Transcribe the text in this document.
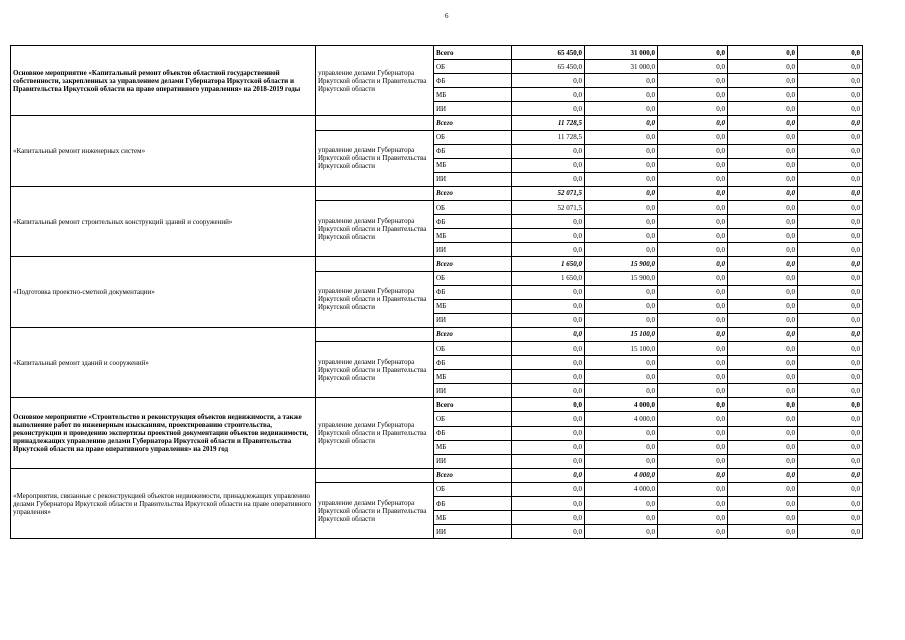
6
Основное мероприятие «Капитальный ремонт объектов областной государственной собственности, закрепленных за управлением делами Губернатора Иркутской области и Правительства Иркутской области на праве оперативного управления» на 2018-2019 годы	управление делами Губернатора Иркутской области и Правительства Иркутской области	Всего	65 450,0	31 000,0	0,0	0,0	0,0
		ОБ	65 450,0	31 000,0	0,0	0,0	0,0
		ФБ	0,0	0,0	0,0	0,0	0,0
		МБ	0,0	0,0	0,0	0,0	0,0
		ИИ	0,0	0,0	0,0	0,0	0,0
«Капитальный ремонт инженерных систем»		Всего	11 728,5	0,0	0,0	0,0	0,0
	управление делами Губернатора Иркутской области и Правительства Иркутской области	ОБ	11 728,5	0,0	0,0	0,0	0,0
		ФБ	0,0	0,0	0,0	0,0	0,0
		МБ	0,0	0,0	0,0	0,0	0,0
		ИИ	0,0	0,0	0,0	0,0	0,0
«Капитальный ремонт строительных конструкций зданий и сооружений»		Всего	52 071,5	0,0	0,0	0,0	0,0
	управление делами Губернатора Иркутской области и Правительства Иркутской области	ОБ	52 071,5	0,0	0,0	0,0	0,0
		ФБ	0,0	0,0	0,0	0,0	0,0
		МБ	0,0	0,0	0,0	0,0	0,0
		ИИ	0,0	0,0	0,0	0,0	0,0
«Подготовка проектно-сметной документации»		Всего	1 650,0	15 900,0	0,0	0,0	0,0
	управление делами Губернатора Иркутской области и Правительства Иркутской области	ОБ	1 650,0	15 900,0	0,0	0,0	0,0
		ФБ	0,0	0,0	0,0	0,0	0,0
		МБ	0,0	0,0	0,0	0,0	0,0
		ИИ	0,0	0,0	0,0	0,0	0,0
«Капитальный ремонт зданий и сооружений»		Всего	0,0	15 100,0	0,0	0,0	0,0
	управление делами Губернатора Иркутской области и Правительства Иркутской области	ОБ	0,0	15 100,0	0,0	0,0	0,0
		ФБ	0,0	0,0	0,0	0,0	0,0
		МБ	0,0	0,0	0,0	0,0	0,0
		ИИ	0,0	0,0	0,0	0,0	0,0
Основное мероприятие «Строительство и реконструкция объектов недвижимости, а также выполнение работ по инженерным изысканиям, проектированию строительства, реконструкции и проведению экспертизы проектной документации объектов недвижимости, принадлежащих управлению делами Губернатора Иркутской области и Правительства Иркутской области на праве оперативного управления» на 2019 год	управление делами Губернатора Иркутской области и Правительства Иркутской области	Всего	0,0	4 000,0	0,0	0,0	0,0
		ОБ	0,0	4 000,0	0,0	0,0	0,0
		ФБ	0,0	0,0	0,0	0,0	0,0
		МБ	0,0	0,0	0,0	0,0	0,0
		ИИ	0,0	0,0	0,0	0,0	0,0
«Мероприятия, связанные с реконструкцией объектов недвижимости, принадлежащих управлению делами Губернатора Иркутской области и Правительства Иркутской области на праве оперативного управления»		Всего	0,0	4 000,0	0,0	0,0	0,0
	управление делами Губернатора Иркутской области и Правительства Иркутской области	ОБ	0,0	4 000,0	0,0	0,0	0,0
		ФБ	0,0	0,0	0,0	0,0	0,0
		МБ	0,0	0,0	0,0	0,0	0,0
		ИИ	0,0	0,0	0,0	0,0	0,0
